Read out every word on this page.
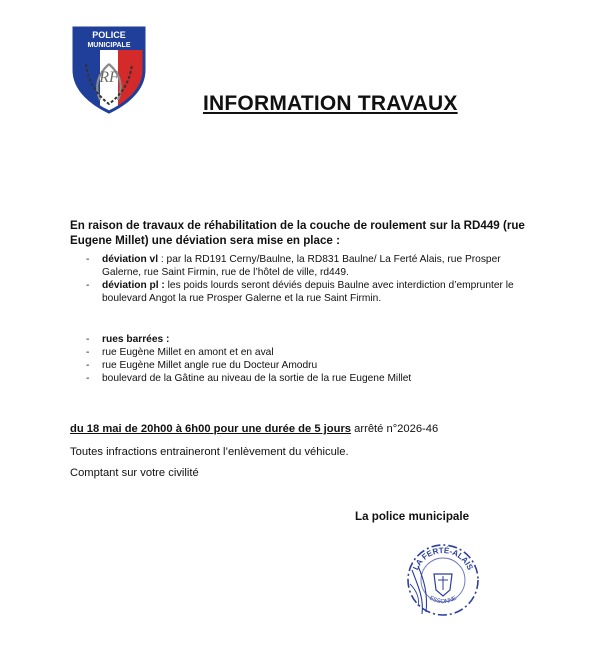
POLICE
MUNICIPALE
RF
INFORMATION TRAVAUX
En raison de travaux de réhabilitation de la couche de roulement sur la RD449 (rue Eugene Millet) une déviation sera mise en place :
- déviation vl : par la RD191 Cerny/Baulne, la RD831 Baulne/ La Ferté Alais, rue Prosper Galerne, rue Saint Firmin, rue de l’hôtel de ville, rd449.
- déviation pl : les poids lourds seront déviés depuis Baulne avec interdiction d’emprunter le boulevard Angot la rue Prosper Galerne et la rue Saint Firmin.
- rues barrées :
- rue Eugène Millet en amont et en aval
- rue Eugène Millet angle rue du Docteur Amodru
- boulevard de la Gâtine au niveau de la sortie de la rue Eugene Millet
du 18 mai de 20h00 à 6h00 pour une durée de 5 jours arrêté n°2026-46
Toutes infractions entraineront l’enlèvement du véhicule.
Comptant sur votre civilité
La police municipale
LA FERTÉ-ALAIS
ESSONNE
